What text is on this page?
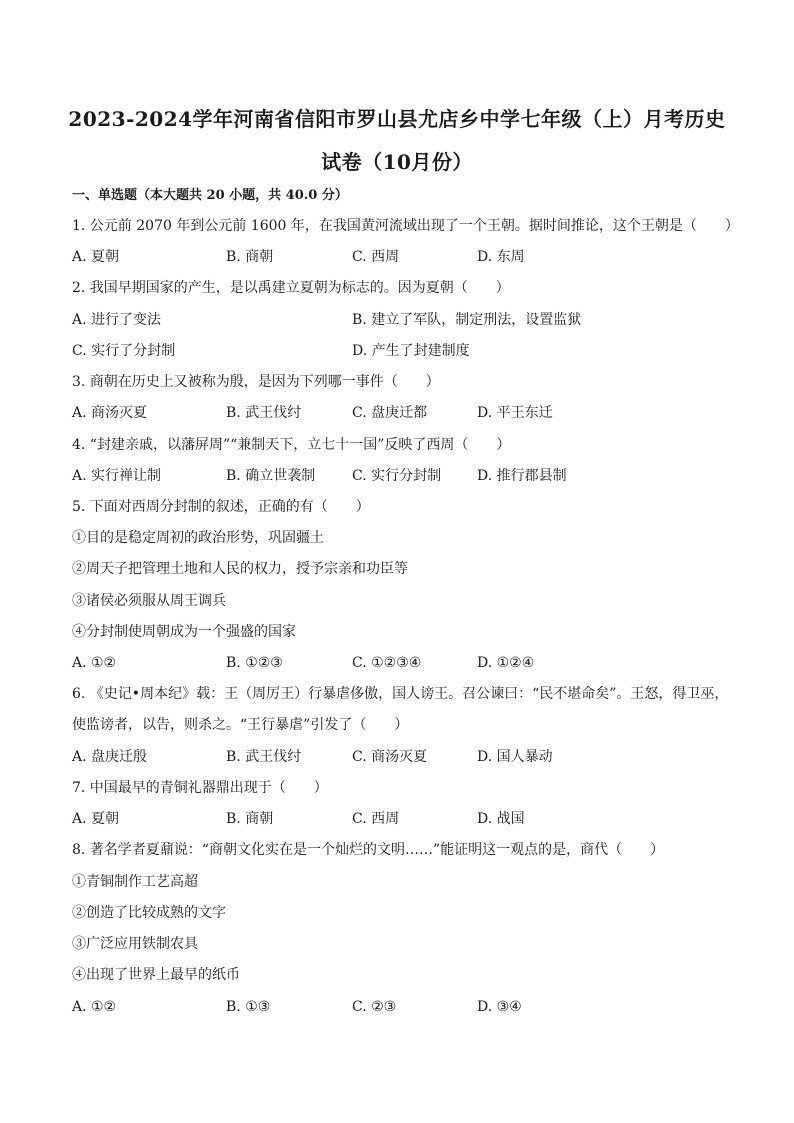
2023-2024学年河南省信阳市罗山县尤店乡中学七年级（上）月考历史
试卷（10月份）
一、单选题（本大题共 20 小题，共 40.0 分）
1. 公元前 2070 年到公元前 1600 年，在我国黄河流域出现了一个王朝。据时间推论，这个王朝是（　　）
A. 夏朝	B. 商朝	C. 西周	D. 东周
2. 我国早期国家的产生，是以禹建立夏朝为标志的。因为夏朝（　　）
A. 进行了变法	B. 建立了军队，制定刑法，设置监狱
C. 实行了分封制	D. 产生了封建制度
3. 商朝在历史上又被称为殷，是因为下列哪一事件（　　）
A. 商汤灭夏	B. 武王伐纣	C. 盘庚迁都	D. 平王东迁
4. “封建亲戚，以藩屏周”“兼制天下，立七十一国”反映了西周（　　）
A. 实行禅让制	B. 确立世袭制	C. 实行分封制	D. 推行郡县制
5. 下面对西周分封制的叙述，正确的有（　　）
①目的是稳定周初的政治形势，巩固疆土
②周天子把管理土地和人民的权力，授予宗亲和功臣等
③诸侯必须服从周王调兵
④分封制使周朝成为一个强盛的国家
A. ①②	B. ①②③	C. ①②③④	D. ①②④
6. 《史记•周本纪》载：王（周厉王）行暴虐侈傲，国人谤王。召公谏曰：“民不堪命矣”。王怒，得卫巫，
使监谤者，以告，则杀之。“王行暴虐”引发了（　　）
A. 盘庚迁殷	B. 武王伐纣	C. 商汤灭夏	D. 国人暴动
7. 中国最早的青铜礼器鼎出现于（　　）
A. 夏朝	B. 商朝	C. 西周	D. 战国
8. 著名学者夏鼐说：“商朝文化实在是一个灿烂的文明……”能证明这一观点的是，商代（　　）
①青铜制作工艺高超
②创造了比较成熟的文字
③广泛应用铁制农具
④出现了世界上最早的纸币
A. ①②	B. ①③	C. ②③	D. ③④
